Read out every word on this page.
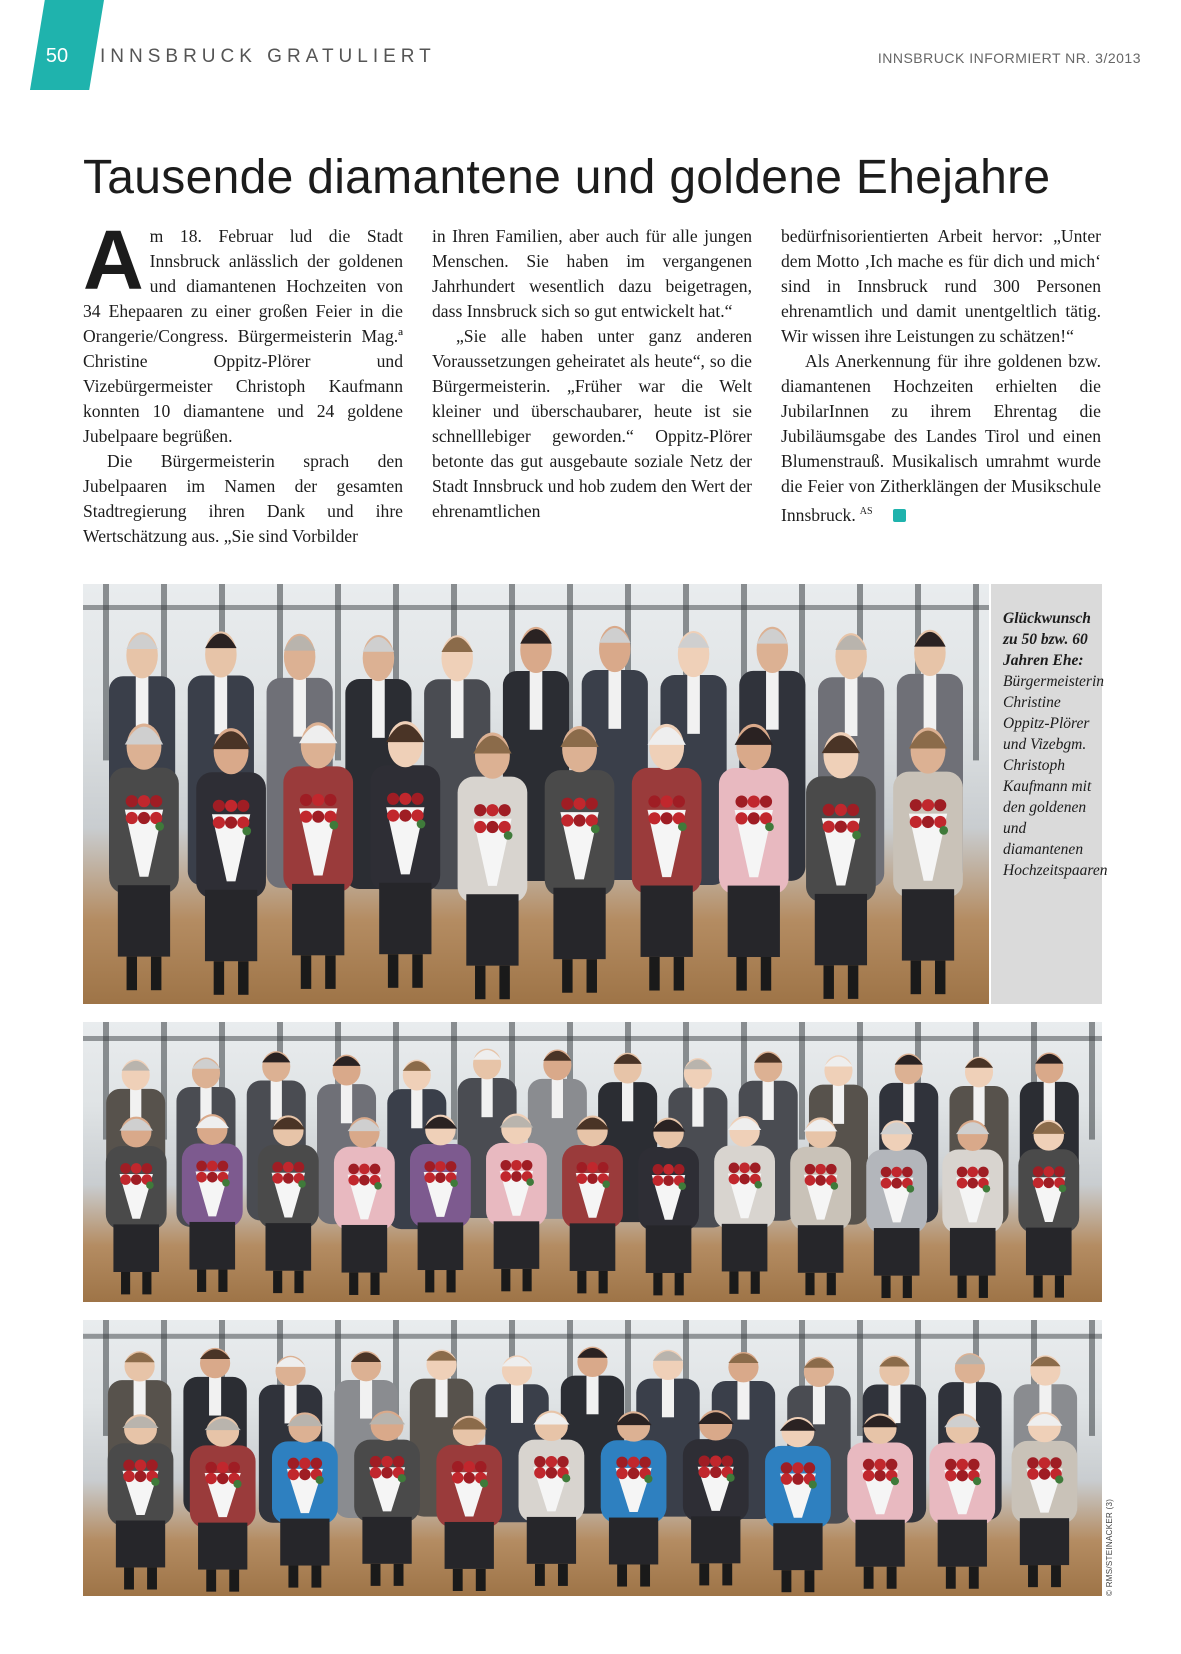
50 INNSBRUCK GRATULIERT	INNSBRUCK INFORMIERT NR. 3/2013
Tausende diamantene und goldene Ehejahre

Am 18. Februar lud die Stadt Innsbruck anlässlich der goldenen und diamantenen Hochzeiten von 34 Ehepaaren zu einer großen Feier in die Orangerie/Congress. Bürgermeisterin Mag.ª Christine Oppitz-Plörer und Vizebürgermeister Christoph Kaufmann konnten 10 diamantene und 24 goldene Jubelpaare begrüßen.

Die Bürgermeisterin sprach den Jubelpaaren im Namen der gesamten Stadtregierung ihren Dank und ihre Wertschätzung aus. „Sie sind Vorbilder

in Ihren Familien, aber auch für alle jungen Menschen. Sie haben im vergangenen Jahrhundert wesentlich dazu beigetragen, dass Innsbruck sich so gut entwickelt hat.“

„Sie alle haben unter ganz anderen Voraussetzungen geheiratet als heute“, so die Bürgermeisterin. „Früher war die Welt kleiner und überschaubarer, heute ist sie schnelllebiger geworden.“ Oppitz-Plörer betonte das gut ausgebaute soziale Netz der Stadt Innsbruck und hob zudem den Wert der ehrenamtlichen

bedürfnisorientierten Arbeit hervor: „Unter dem Motto ‚Ich mache es für dich und mich‘ sind in Innsbruck rund 300 Personen ehrenamtlich und damit unentgeltlich tätig. Wir wissen ihre Leistungen zu schätzen!“

Als Anerkennung für ihre goldenen bzw. diamantenen Hochzeiten erhielten die JubilarInnen zu ihrem Ehrentag die Jubiläumsgabe des Landes Tirol und einen Blumenstrauß. Musikalisch umrahmt wurde die Feier von Zitherklängen der Musikschule Innsbruck. $^{AS}$

Glückwunsch zu 50 bzw. 60 Jahren Ehe: Bürgermeisterin Christine Oppitz-Plörer und Vizebgm. Christoph Kaufmann mit den goldenen und diamantenen Hochzeitspaaren
© RMS/STEINACKER (3)
